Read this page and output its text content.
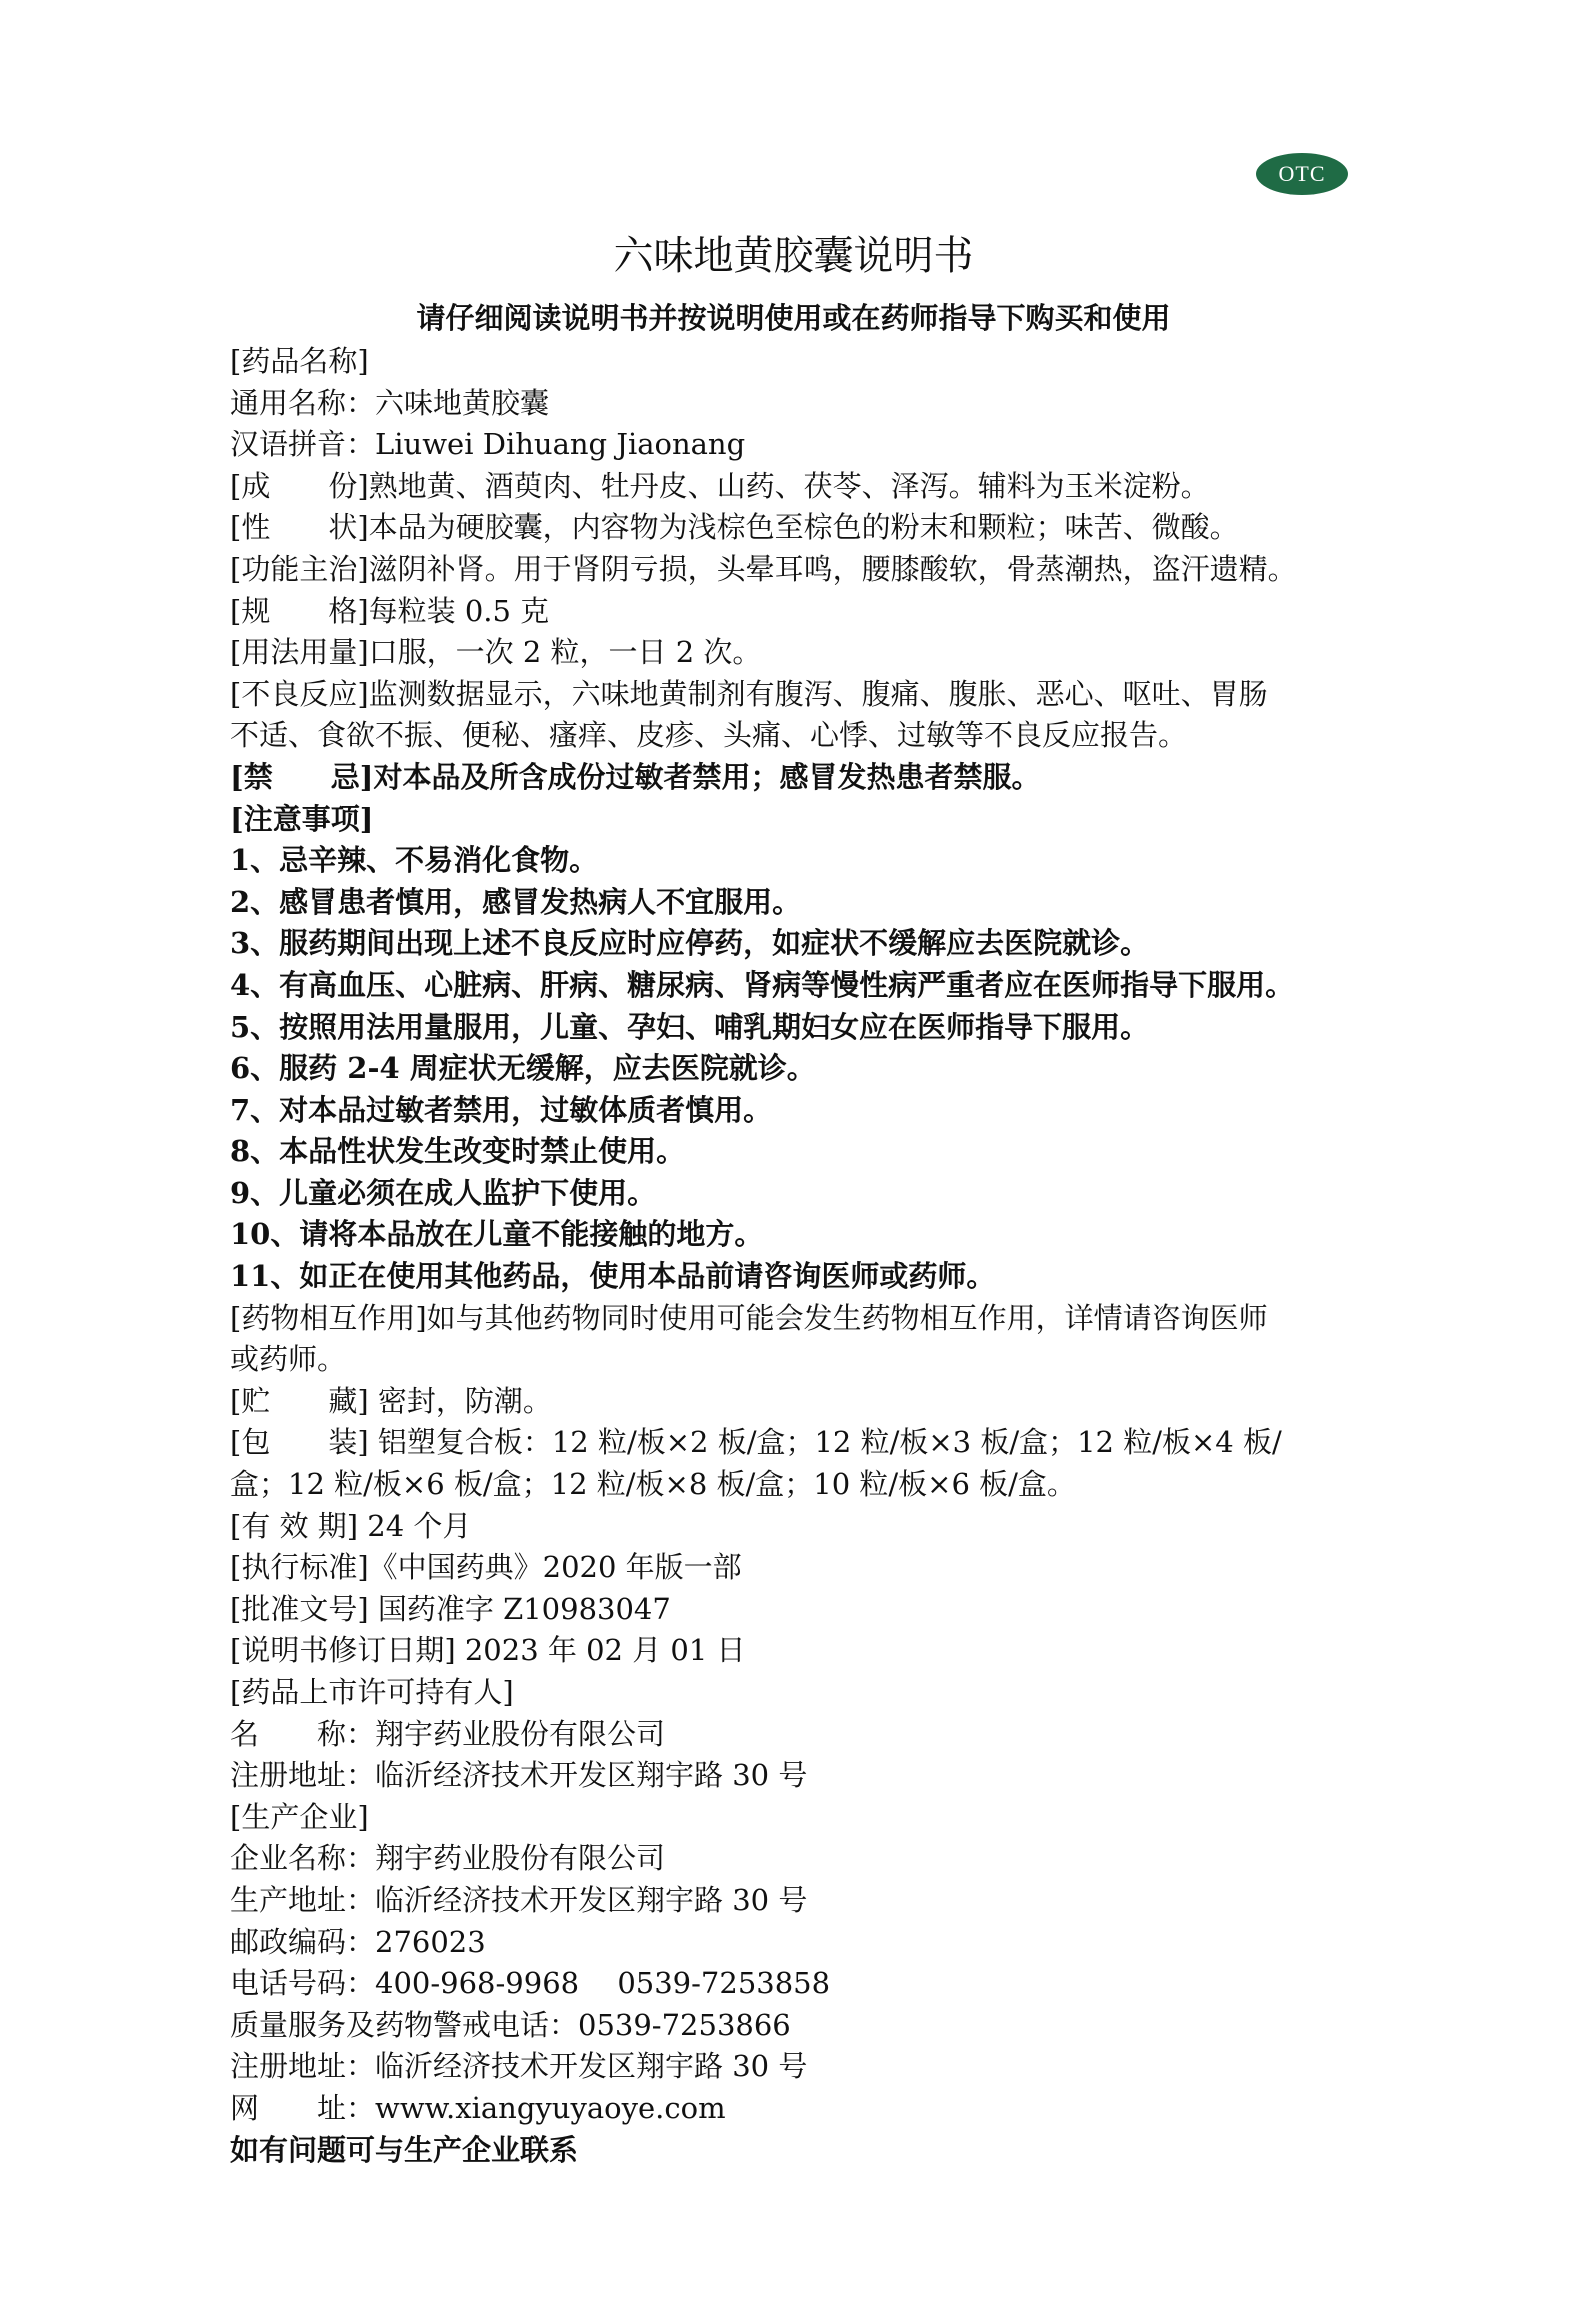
OTC
六味地黄胶囊说明书
请仔细阅读说明书并按说明使用或在药师指导下购买和使用
[药品名称]
通用名称：六味地黄胶囊
汉语拼音：Liuwei Dihuang Jiaonang
[成　　份]熟地黄、酒萸肉、牡丹皮、山药、茯苓、泽泻。辅料为玉米淀粉。
[性　　状]本品为硬胶囊，内容物为浅棕色至棕色的粉末和颗粒；味苦、微酸。
[功能主治]滋阴补肾。用于肾阴亏损，头晕耳鸣，腰膝酸软，骨蒸潮热，盗汗遗精。
[规　　格]每粒装 0.5 克
[用法用量]口服，一次 2 粒，一日 2 次。
[不良反应]监测数据显示，六味地黄制剂有腹泻、腹痛、腹胀、恶心、呕吐、胃肠
不适、食欲不振、便秘、瘙痒、皮疹、头痛、心悸、过敏等不良反应报告。
[禁　　忌]对本品及所含成份过敏者禁用；感冒发热患者禁服。
[注意事项]
1、忌辛辣、不易消化食物。
2、感冒患者慎用，感冒发热病人不宜服用。
3、服药期间出现上述不良反应时应停药，如症状不缓解应去医院就诊。
4、有高血压、心脏病、肝病、糖尿病、肾病等慢性病严重者应在医师指导下服用。
5、按照用法用量服用，儿童、孕妇、哺乳期妇女应在医师指导下服用。
6、服药 2-4 周症状无缓解，应去医院就诊。
7、对本品过敏者禁用，过敏体质者慎用。
8、本品性状发生改变时禁止使用。
9、儿童必须在成人监护下使用。
10、请将本品放在儿童不能接触的地方。
11、如正在使用其他药品，使用本品前请咨询医师或药师。
[药物相互作用]如与其他药物同时使用可能会发生药物相互作用，详情请咨询医师
或药师。
[贮　　藏] 密封，防潮。
[包　　装] 铝塑复合板：12 粒/板×2 板/盒；12 粒/板×3 板/盒；12 粒/板×4 板/
盒；12 粒/板×6 板/盒；12 粒/板×8 板/盒；10 粒/板×6 板/盒。
[有 效 期] 24 个月
[执行标准]《中国药典》2020 年版一部
[批准文号] 国药准字 Z10983047
[说明书修订日期] 2023 年 02 月 01 日
[药品上市许可持有人]
名　　称：翔宇药业股份有限公司
注册地址：临沂经济技术开发区翔宇路 30 号
[生产企业]
企业名称：翔宇药业股份有限公司
生产地址：临沂经济技术开发区翔宇路 30 号
邮政编码：276023
电话号码：400-968-9968　 0539-7253858
质量服务及药物警戒电话：0539-7253866
注册地址：临沂经济技术开发区翔宇路 30 号
网　　址：www.xiangyuyaoye.com
如有问题可与生产企业联系
